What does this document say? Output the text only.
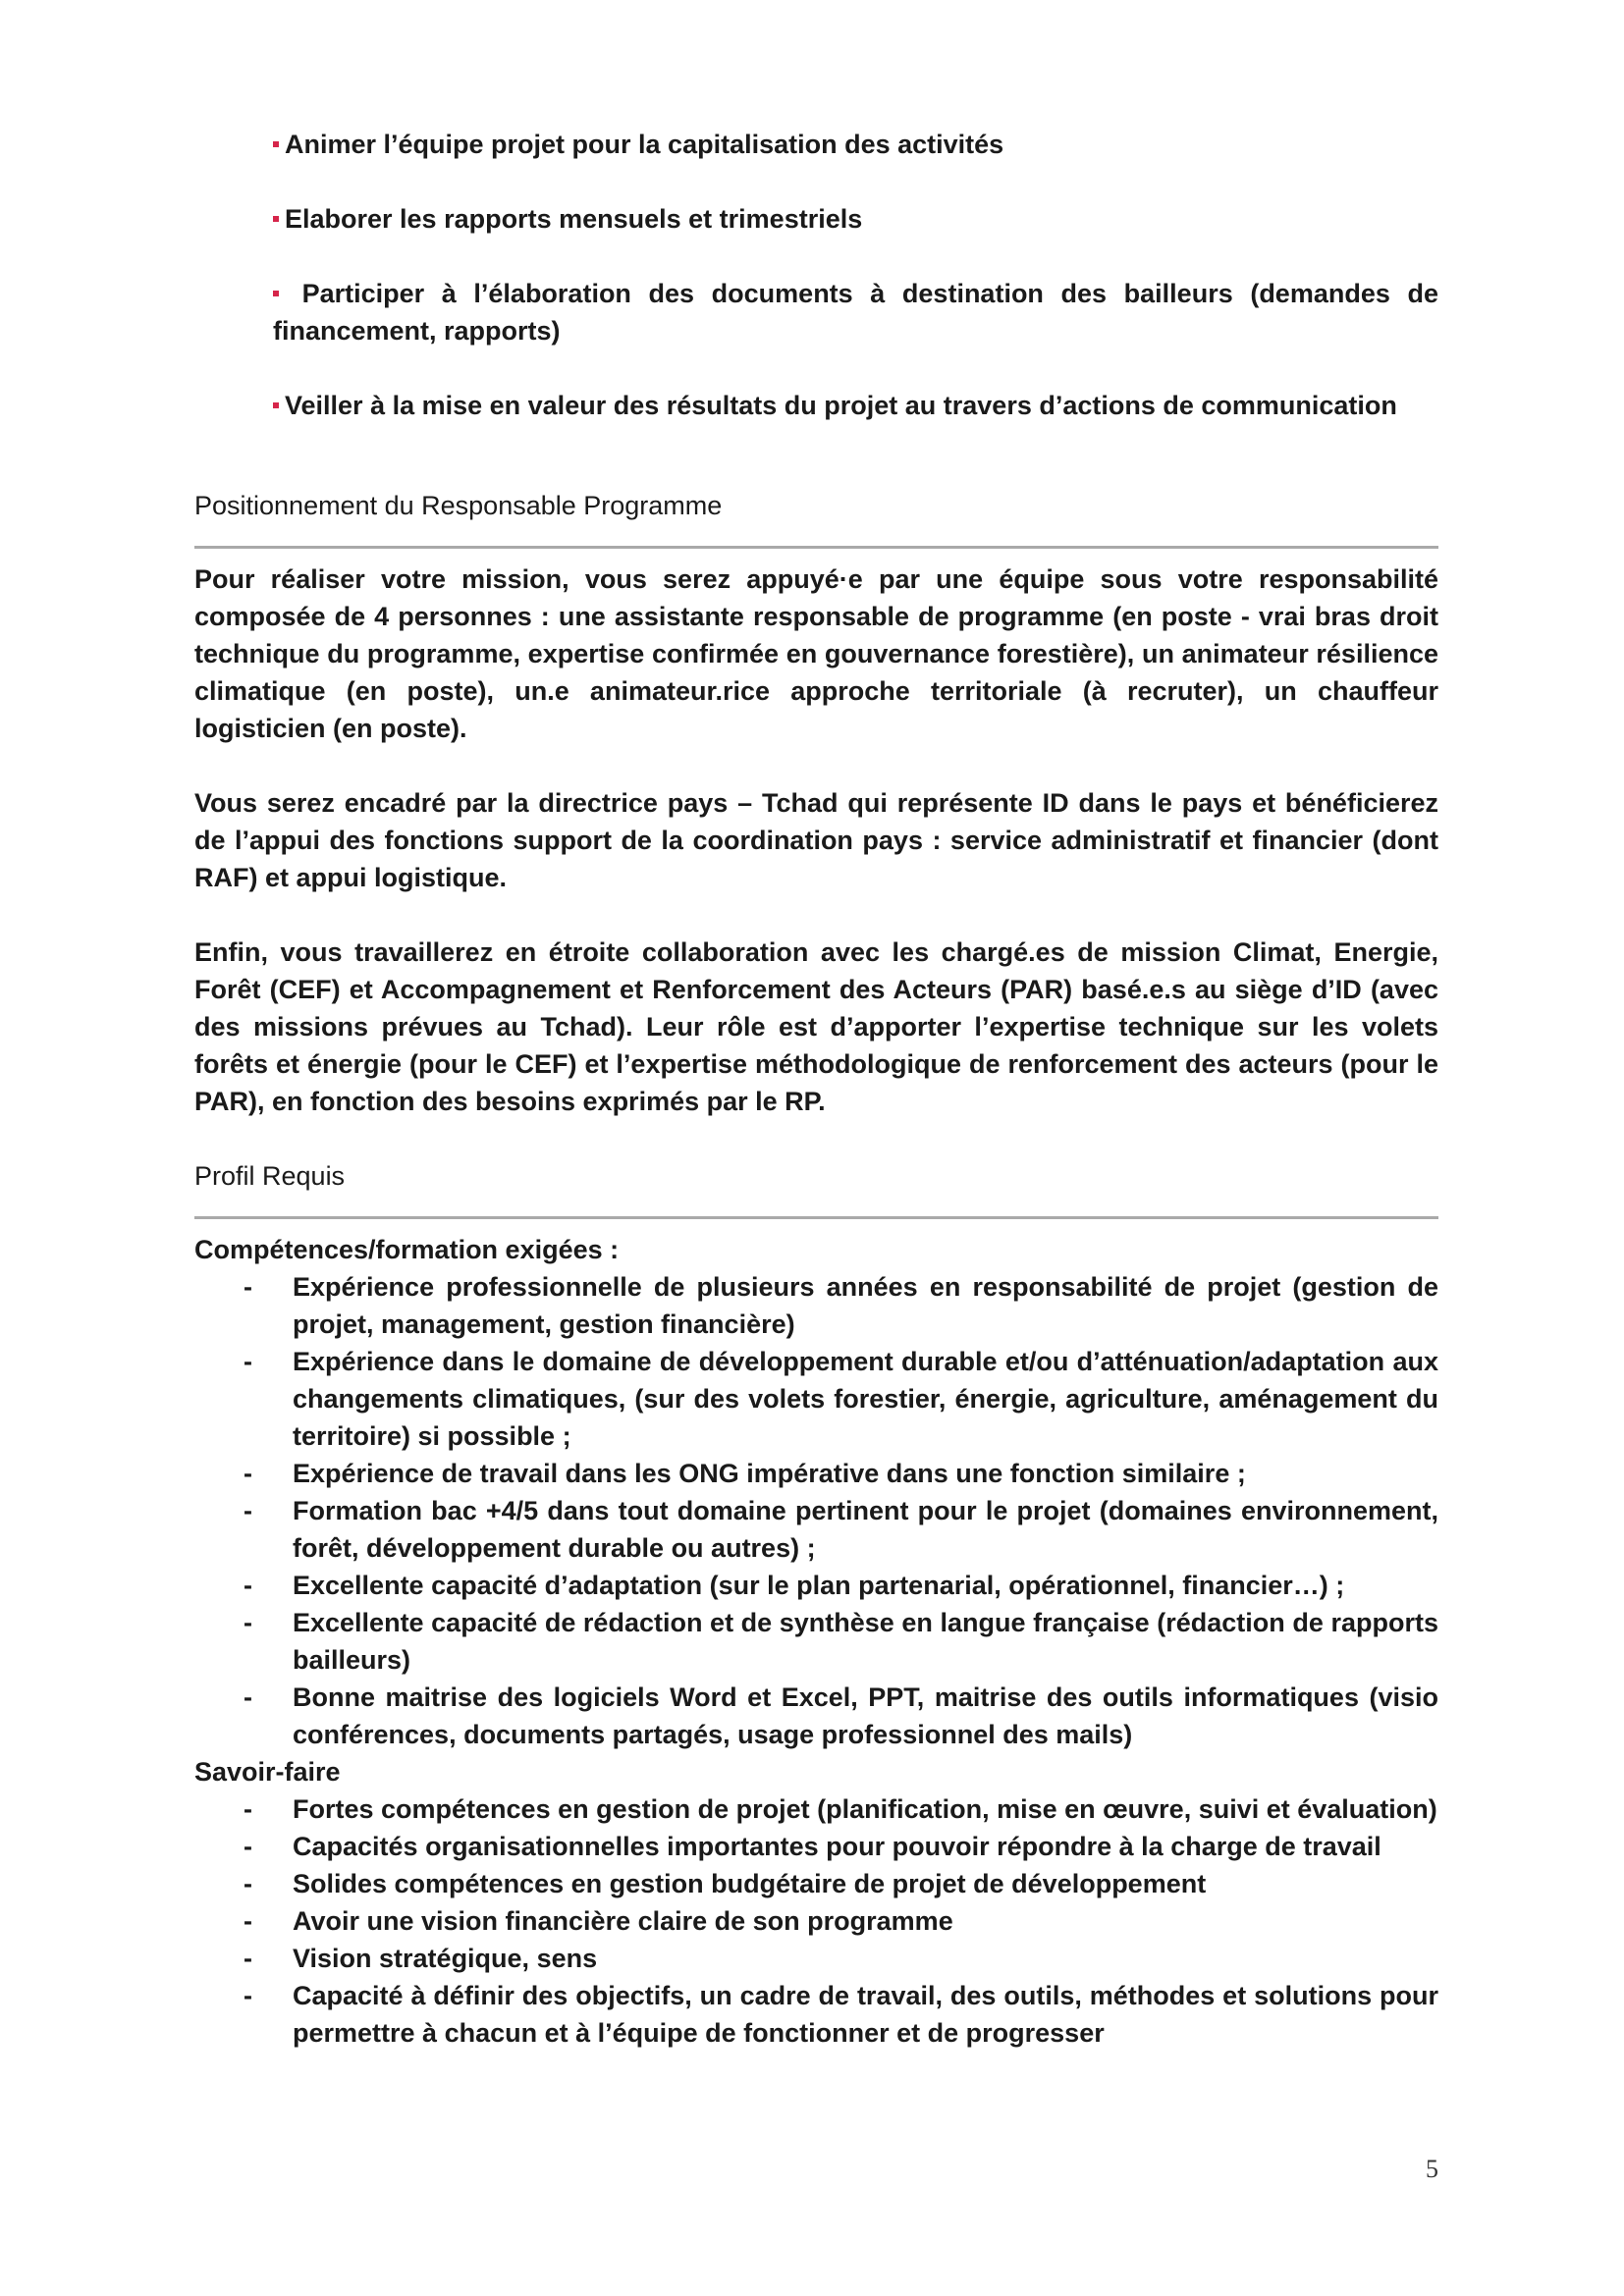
Animer l’équipe projet pour la capitalisation des activités

Elaborer les rapports mensuels et trimestriels

Participer à l’élaboration des documents à destination des bailleurs (demandes de financement, rapports)

Veiller à la mise en valeur des résultats du projet au travers d’actions de communication

Positionnement du Responsable Programme

Pour réaliser votre mission, vous serez appuyé·e par une équipe sous votre responsabilité composée de 4 personnes : une assistante responsable de programme (en poste - vrai bras droit technique du programme, expertise confirmée en gouvernance forestière), un animateur résilience climatique (en poste), un.e animateur.rice approche territoriale (à recruter), un chauffeur logisticien (en poste).

Vous serez encadré par la directrice pays – Tchad qui représente ID dans le pays et bénéficierez de l’appui des fonctions support de la coordination pays : service administratif et financier (dont RAF) et appui logistique.

Enfin, vous travaillerez en étroite collaboration avec les chargé.es de mission Climat, Energie, Forêt (CEF) et Accompagnement et Renforcement des Acteurs (PAR) basé.e.s au siège d’ID (avec des missions prévues au Tchad). Leur rôle est d’apporter l’expertise technique sur les volets forêts et énergie (pour le CEF) et l’expertise méthodologique de renforcement des acteurs (pour le PAR), en fonction des besoins exprimés par le RP.

Profil Requis

Compétences/formation exigées :

- Expérience professionnelle de plusieurs années en responsabilité de projet (gestion de projet, management, gestion financière)
- Expérience dans le domaine de développement durable et/ou d’atténuation/adaptation aux changements climatiques, (sur des volets forestier, énergie, agriculture, aménagement du territoire) si possible ;
- Expérience de travail dans les ONG impérative dans une fonction similaire ;
- Formation bac +4/5 dans tout domaine pertinent pour le projet (domaines environnement, forêt, développement durable ou autres) ;
- Excellente capacité d’adaptation (sur le plan partenarial, opérationnel, financier…) ;
- Excellente capacité de rédaction et de synthèse en langue française (rédaction de rapports bailleurs)
- Bonne maitrise des logiciels Word et Excel, PPT, maitrise des outils informatiques (visio conférences, documents partagés, usage professionnel des mails)

Savoir-faire

- Fortes compétences en gestion de projet (planification, mise en œuvre, suivi et évaluation)
- Capacités organisationnelles importantes pour pouvoir répondre à la charge de travail
- Solides compétences en gestion budgétaire de projet de développement
- Avoir une vision financière claire de son programme
- Vision stratégique, sens
- Capacité à définir des objectifs, un cadre de travail, des outils, méthodes et solutions pour permettre à chacun et à l’équipe de fonctionner et de progresser
5
